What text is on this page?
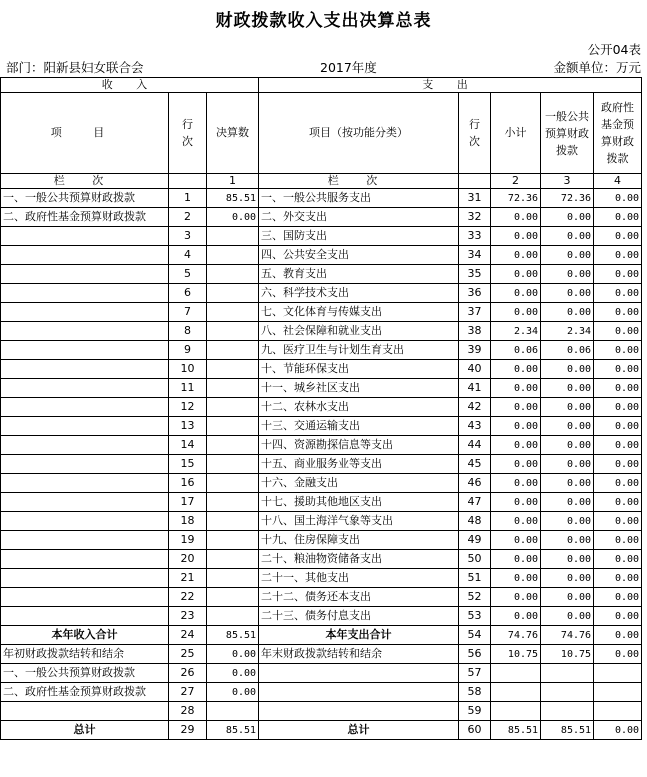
财政拨款收入支出决算总表
公开04表
部门：阳新县妇女联合会	2017年度	金额单位：万元
收 入			支 出				
项 目	行次	决算数	项目（按功能分类）	行次	小计	一般公共预算财政拨款	政府性基金预算财政拨款
栏 次		1	栏 次		2	3	4
一、一般公共预算财政拨款	1	85.51	一、一般公共服务支出	31	72.36	72.36	0.00
二、政府性基金预算财政拨款	2	0.00	二、外交支出	32	0.00	0.00	0.00
	3		三、国防支出	33	0.00	0.00	0.00
	4		四、公共安全支出	34	0.00	0.00	0.00
	5		五、教育支出	35	0.00	0.00	0.00
	6		六、科学技术支出	36	0.00	0.00	0.00
	7		七、文化体育与传媒支出	37	0.00	0.00	0.00
	8		八、社会保障和就业支出	38	2.34	2.34	0.00
	9		九、医疗卫生与计划生育支出	39	0.06	0.06	0.00
	10		十、节能环保支出	40	0.00	0.00	0.00
	11		十一、城乡社区支出	41	0.00	0.00	0.00
	12		十二、农林水支出	42	0.00	0.00	0.00
	13		十三、交通运输支出	43	0.00	0.00	0.00
	14		十四、资源勘探信息等支出	44	0.00	0.00	0.00
	15		十五、商业服务业等支出	45	0.00	0.00	0.00
	16		十六、金融支出	46	0.00	0.00	0.00
	17		十七、援助其他地区支出	47	0.00	0.00	0.00
	18		十八、国土海洋气象等支出	48	0.00	0.00	0.00
	19		十九、住房保障支出	49	0.00	0.00	0.00
	20		二十、粮油物资储备支出	50	0.00	0.00	0.00
	21		二十一、其他支出	51	0.00	0.00	0.00
	22		二十二、债务还本支出	52	0.00	0.00	0.00
	23		二十三、债务付息支出	53	0.00	0.00	0.00
本年收入合计	24	85.51	本年支出合计	54	74.76	74.76	0.00
年初财政拨款结转和结余	25	0.00	年末财政拨款结转和结余	56	10.75	10.75	0.00
一、一般公共预算财政拨款	26	0.00		57			
二、政府性基金预算财政拨款	27	0.00		58			
	28			59			
总计	29	85.51	总计	60	85.51	85.51	0.00
